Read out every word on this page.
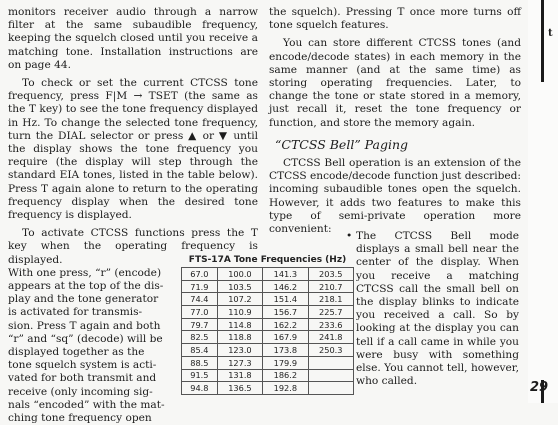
monitors receiver audio through a narrow filter at the same subaudible frequency, keeping the squelch closed until you receive a matching tone. Installation instructions are on page 44.

To check or set the current CTCSS tone frequency, press F|M → TSET (the same as the T key) to see the tone frequency displayed in Hz. To change the selected tone frequency, turn the DIAL selector or press ▲ or ▼ until the display shows the tone frequency you require (the display will step through the standard EIA tones, listed in the table below). Press T again alone to return to the operating frequency display when the desired tone frequency is displayed.

To activate CTCSS functions press the T key when the operating frequency is displayed.

With one press, “r” (encode)

appears at the top of the dis-

play and the tone generator

is activated for transmis-

sion. Press T again and both

“r” and “sq” (decode) will be

displayed together as the

tone squelch system is acti-

vated for both transmit and

receive (only incoming sig-

nals “encoded” with the mat-

ching tone frequency open

FTS-17A Tone Frequencies (Hz)
67.0	100.0	141.3	203.5
71.9	103.5	146.2	210.7
74.4	107.2	151.4	218.1
77.0	110.9	156.7	225.7
79.7	114.8	162.2	233.6
82.5	118.8	167.9	241.8
85.4	123.0	173.8	250.3
88.5	127.3	179.9	
91.5	131.8	186.2	
94.8	136.5	192.8	

the squelch). Pressing T once more turns off tone squelch features.

You can store different CTCSS tones (and encode/decode states) in each memory in the same manner (and at the same time) as storing operating frequencies. Later, to change the tone or state stored in a memory, just recall it, reset the tone frequency or function, and store the memory again.

“CTCSS Bell” Paging

CTCSS Bell operation is an extension of the CTCSS encode/decode function just described: incoming subaudible tones open the squelch. However, it adds two features to make this type of semi-private operation more convenient:

• The CTCSS Bell mode displays a small bell near the center of the display. When you receive a matching CTCSS call the small bell on the display blinks to indicate you received a call. So by looking at the display you can tell if a call came in while you were busy with something else. You cannot tell, however, who called.

t
29
